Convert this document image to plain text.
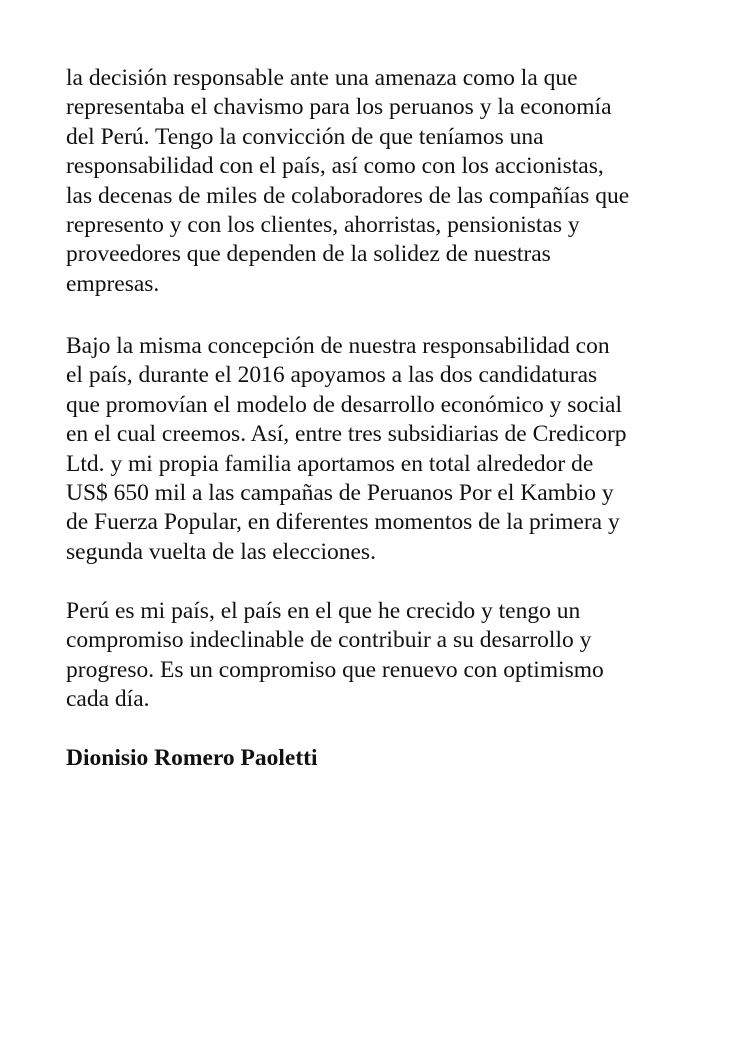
la decisión responsable ante una amenaza como la que
representaba el chavismo para los peruanos y la economía
del Perú. Tengo la convicción de que teníamos una
responsabilidad con el país, así como con los accionistas,
las decenas de miles de colaboradores de las compañías que
represento y con los clientes, ahorristas, pensionistas y
proveedores que dependen de la solidez de nuestras
empresas.

Bajo la misma concepción de nuestra responsabilidad con
el país, durante el 2016 apoyamos a las dos candidaturas
que promovían el modelo de desarrollo económico y social
en el cual creemos. Así, entre tres subsidiarias de Credicorp
Ltd. y mi propia familia aportamos en total alrededor de
US$ 650 mil a las campañas de Peruanos Por el Kambio y
de Fuerza Popular, en diferentes momentos de la primera y
segunda vuelta de las elecciones.

Perú es mi país, el país en el que he crecido y tengo un
compromiso indeclinable de contribuir a su desarrollo y
progreso. Es un compromiso que renuevo con optimismo
cada día.

Dionisio Romero Paoletti
